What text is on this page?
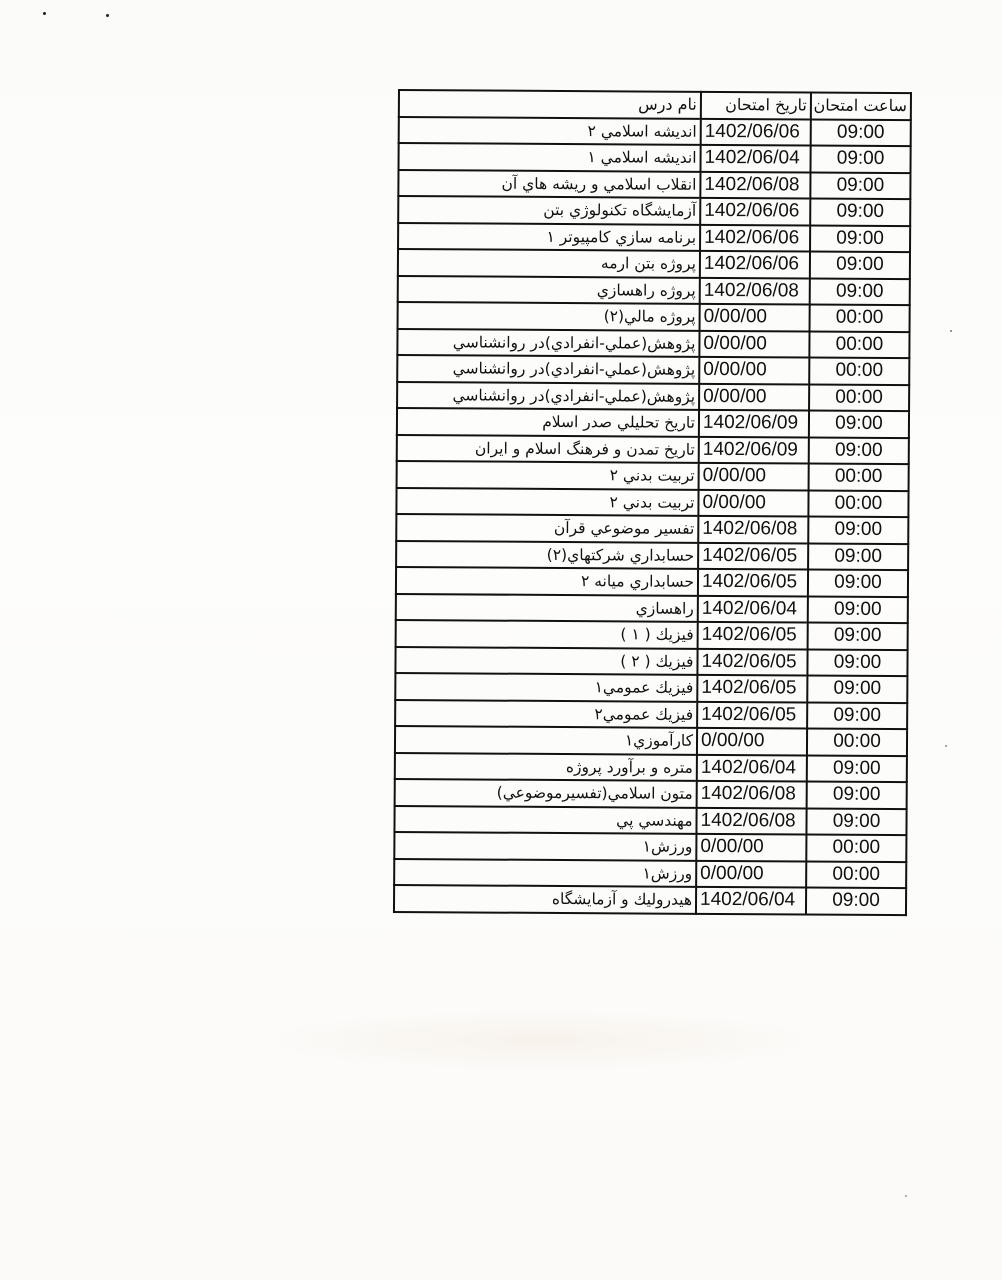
ساعت امتحان	تاريخ امتحان	نام درس
09:00	1402/06/06	انديشه اسلامي ۲
09:00	1402/06/04	انديشه اسلامي ۱
09:00	1402/06/08	انقلاب اسلامي و ريشه هاي آن
09:00	1402/06/06	آزمايشگاه تكنولوژي بتن
09:00	1402/06/06	برنامه سازي كامپيوتر ۱
09:00	1402/06/06	پروژه بتن ارمه
09:00	1402/06/08	پروژه راهسازي
00:00	0/00/00	پروژه مالي(۲)
00:00	0/00/00	پژوهش(عملي-انفرادي)در روانشناسي
00:00	0/00/00	پژوهش(عملي-انفرادي)در روانشناسي
00:00	0/00/00	پژوهش(عملي-انفرادي)در روانشناسي
09:00	1402/06/09	تاريخ تحليلي صدر اسلام
09:00	1402/06/09	تاريخ تمدن و فرهنگ اسلام و ايران
00:00	0/00/00	تربيت بدني ۲
00:00	0/00/00	تربيت بدني ۲
09:00	1402/06/08	تفسير موضوعي قرآن
09:00	1402/06/05	حسابداري شركتهاي(۲)
09:00	1402/06/05	حسابداري ميانه ۲
09:00	1402/06/04	راهسازي
09:00	1402/06/05	فيزيك ( ۱ )
09:00	1402/06/05	فيزيك ( ۲ )
09:00	1402/06/05	فيزيك عمومي۱
09:00	1402/06/05	فيزيك عمومي۲
00:00	0/00/00	كارآموزي۱
09:00	1402/06/04	متره و برآورد پروژه
09:00	1402/06/08	متون اسلامي(تفسيرموضوعي)
09:00	1402/06/08	مهندسي پي
00:00	0/00/00	ورزش۱
00:00	0/00/00	ورزش۱
09:00	1402/06/04	هيدروليك و آزمايشگاه
